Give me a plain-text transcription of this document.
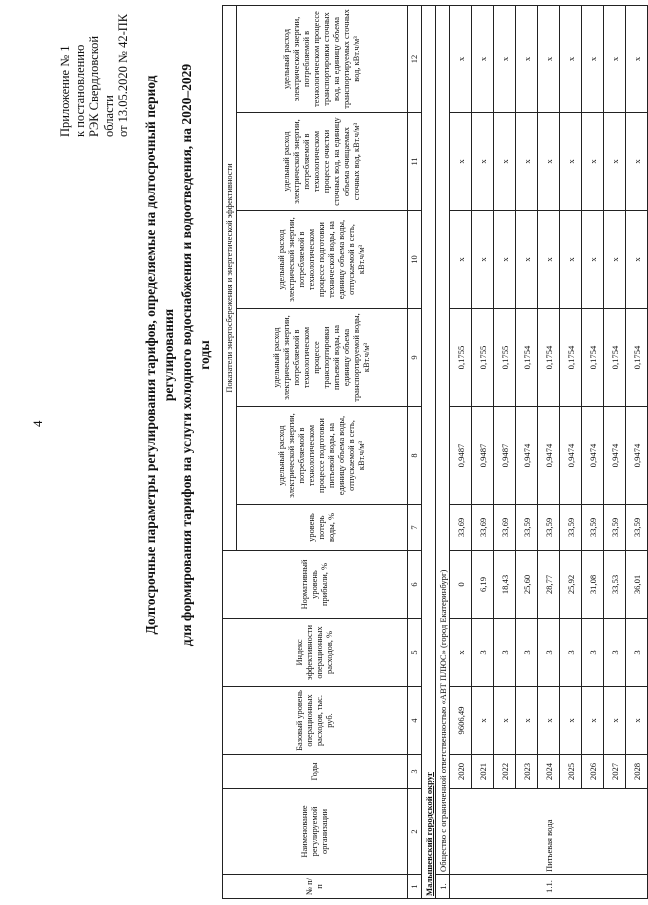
4
Приложение № 1 к постановлению РЭК Свердловской области от 13.05.2020 № 42-ПК
Долгосрочные параметры регулирования тарифов, определяемые на долгосрочный период регулирования для формирования тарифов на услуги холодного водоснабжения и водоотведения, на 2020–2029 годы
№ п/п	Наименование регулируемой организации	Годы	Базовый уровень операционных расходов, тыс. руб.	Индекс эффективности операционных расходов, %	Нормативный уровень прибыли, %	Показатели энергосбережения и энергетической эффективности					
						уровень потерь воды, %	удельный расход электрической энергии, потребляемой в технологическом процессе подготовки питьевой воды, на единицу объема воды, отпускаемой в сеть, кВт.ч/м³	удельный расход электрической энергии, потребляемой в технологическом процессе транспортировки питьевой воды, на единицу объема транспортируемой воды, кВт.ч/м³	удельный расход электрической энергии, потребляемой в технологическом процессе подготовки технической воды, на единицу объема воды, отпускаемой в сеть, кВт.ч/м³	удельный расход электрической энергии, потребляемой в технологическом процессе очистки сточных вод, на единицу объема очищаемых сточных вод, кВт.ч/м³	удельный расход электрической энергии, потребляемой в технологическом процессе транспортировки сточных вод, на единицу объема транспортируемых сточных вод, кВт.ч/м³
1	2	3	4	5	6	7	8	9	10	11	12
Малышевский городской округ											
1.	Общество с ограниченной ответственностью «АВТ ПЛЮС» (город Екатеринбург)										
1.1.	Питьевая вода	2020	9606,49	х	0	33,69	0,9487	0,1755	х	х	х
		2021	х	3	6,19	33,69	0,9487	0,1755	х	х	х
		2022	х	3	18,43	33,69	0,9487	0,1755	х	х	х
		2023	х	3	25,60	33,59	0,9474	0,1754	х	х	х
		2024	х	3	28,77	33,59	0,9474	0,1754	х	х	х
		2025	х	3	25,92	33,59	0,9474	0,1754	х	х	х
		2026	х	3	31,08	33,59	0,9474	0,1754	х	х	х
		2027	х	3	33,53	33,59	0,9474	0,1754	х	х	х
		2028	х	3	36,01	33,59	0,9474	0,1754	х	х	х
